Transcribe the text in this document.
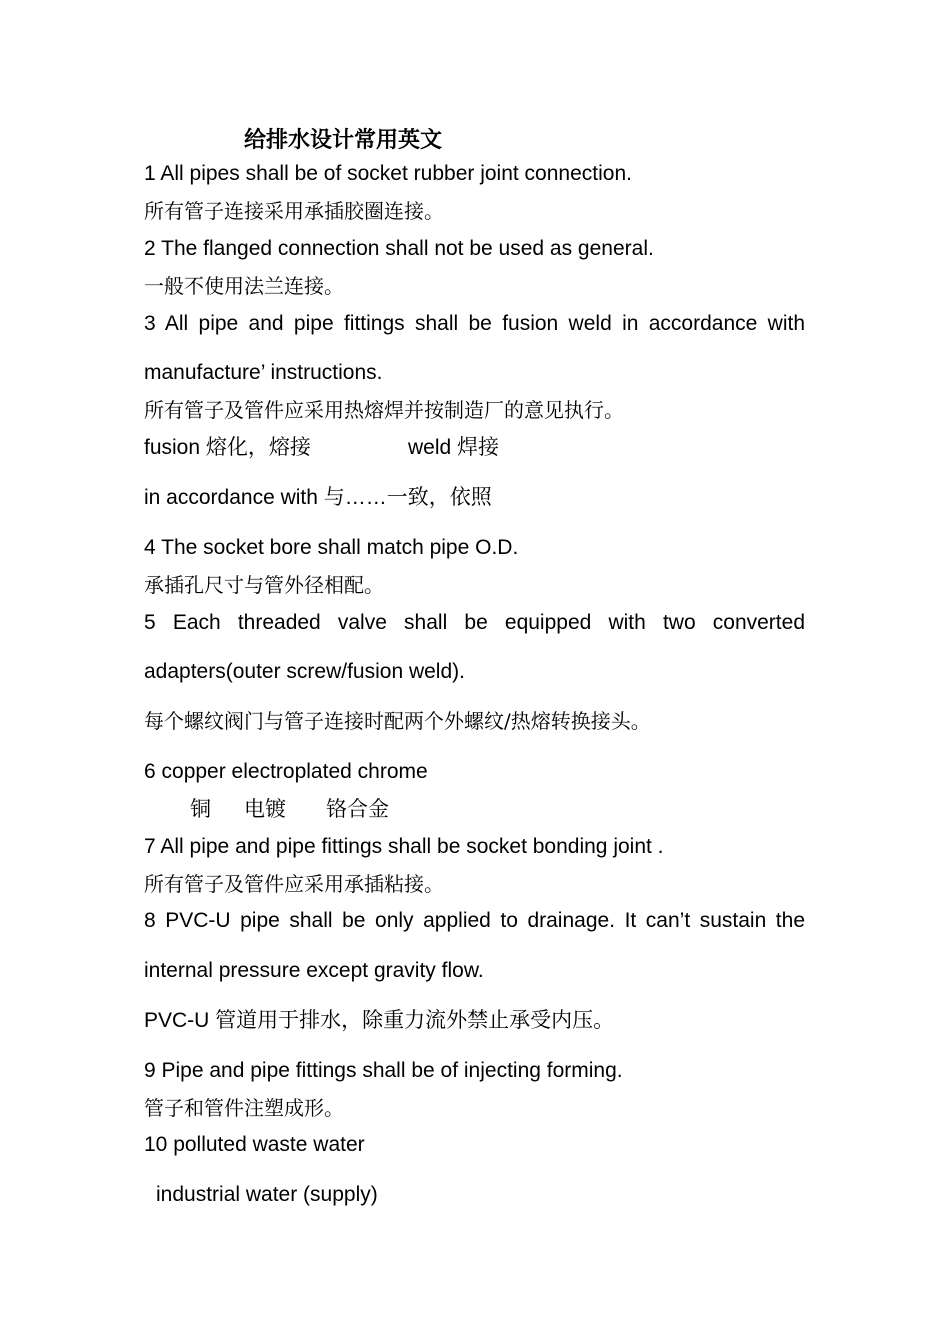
给排水设计常用英文
1 All pipes shall be of socket rubber joint connection.
所有管子连接采用承插胶圈连接。
2 The flanged connection shall not be used as general.
一般不使用法兰连接。
3 All pipe and pipe fittings shall be fusion weld in accordance with
manufacture’ instructions.
所有管子及管件应采用热熔焊并按制造厂的意见执行。
fusion 熔化，熔接	weld 焊接
in accordance with 与……一致，依照
4 The socket bore shall match pipe O.D.
承插孔尺寸与管外径相配。
5 Each threaded valve shall be equipped with two converted
adapters(outer screw/fusion weld).
每个螺纹阀门与管子连接时配两个外螺纹/热熔转换接头。
6 copper electroplated chrome
铜 电镀 铬合金
7 All pipe and pipe fittings shall be socket bonding joint .
所有管子及管件应采用承插粘接。
8 PVC-U pipe shall be only applied to drainage. It can’t sustain the
internal pressure except gravity flow.
PVC-U 管道用于排水，除重力流外禁止承受内压。
9 Pipe and pipe fittings shall be of injecting forming.
管子和管件注塑成形。
10 polluted waste water
industrial water (supply)
